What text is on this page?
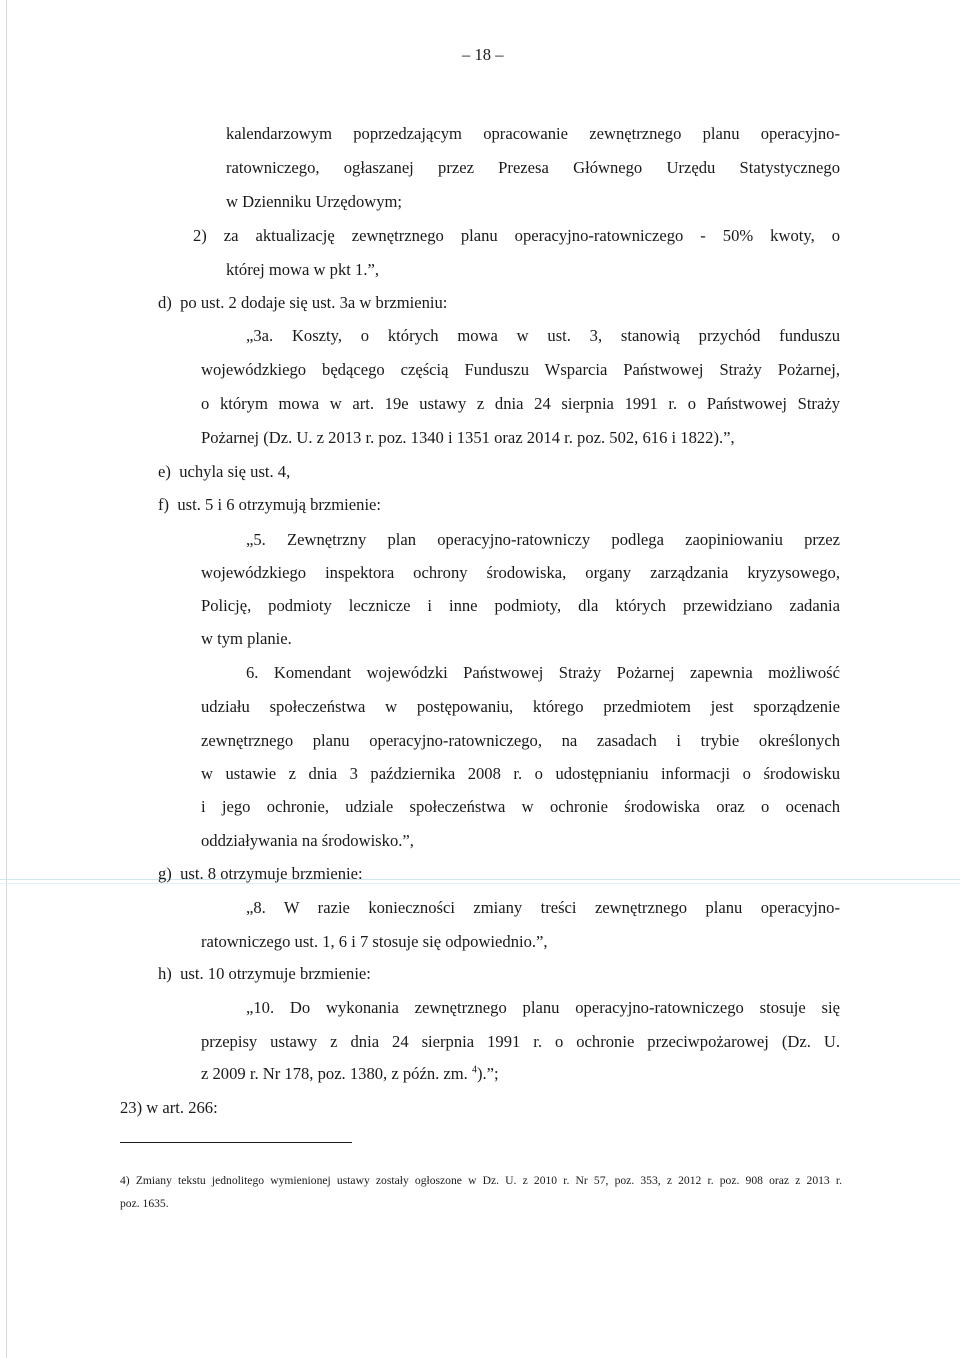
– 18 –
kalendarzowym poprzedzającym opracowanie zewnętrznego planu operacyjno-
ratowniczego, ogłaszanej przez Prezesa Głównego Urzędu Statystycznego
w Dzienniku Urzędowym;
2) za aktualizację zewnętrznego planu operacyjno-ratowniczego - 50% kwoty, o
której mowa w pkt 1.”,
d)  po ust. 2 dodaje się ust. 3a w brzmieniu:
„3a. Koszty, o których mowa w ust. 3, stanowią przychód funduszu
wojewódzkiego będącego częścią Funduszu Wsparcia Państwowej Straży Pożarnej,
o którym mowa w art. 19e ustawy z dnia 24 sierpnia 1991 r. o Państwowej Straży
Pożarnej (Dz. U. z 2013 r. poz. 1340 i 1351 oraz 2014 r. poz. 502, 616 i 1822).”,
e)  uchyla się ust. 4,
f)  ust. 5 i 6 otrzymują brzmienie:
„5. Zewnętrzny plan operacyjno-ratowniczy podlega zaopiniowaniu przez
wojewódzkiego inspektora ochrony środowiska, organy zarządzania kryzysowego,
Policję, podmioty lecznicze i inne podmioty, dla których przewidziano zadania
w tym planie.
6. Komendant wojewódzki Państwowej Straży Pożarnej zapewnia możliwość
udziału społeczeństwa w postępowaniu, którego przedmiotem jest sporządzenie
zewnętrznego planu operacyjno-ratowniczego, na zasadach i trybie określonych
w ustawie z dnia 3 października 2008 r. o udostępnianiu informacji o środowisku
i jego ochronie, udziale społeczeństwa w ochronie środowiska oraz o ocenach
oddziaływania na środowisko.”,
g)  ust. 8 otrzymuje brzmienie:
„8. W razie konieczności zmiany treści zewnętrznego planu operacyjno-
ratowniczego ust. 1, 6 i 7 stosuje się odpowiednio.”,
h)  ust. 10 otrzymuje brzmienie:
„10. Do wykonania zewnętrznego planu operacyjno-ratowniczego stosuje się
przepisy ustawy z dnia 24 sierpnia 1991 r. o ochronie przeciwpożarowej (Dz. U.
z 2009 r. Nr 178, poz. 1380, z późn. zm. $^4$).”;
23) w art. 266:
4) Zmiany tekstu jednolitego wymienionej ustawy zostały ogłoszone w Dz. U. z 2010 r. Nr 57, poz. 353, z 2012 r. poz. 908 oraz z 2013 r.
poz. 1635.
